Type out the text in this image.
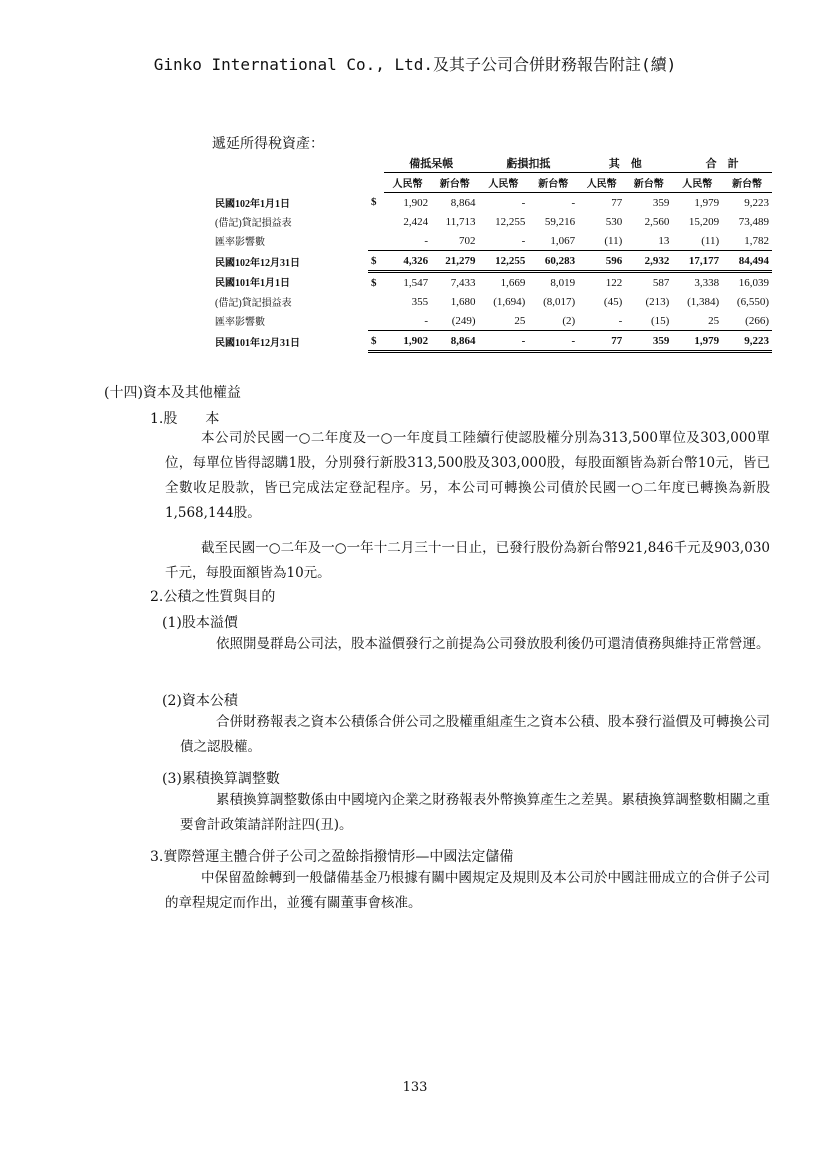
Ginko International Co., Ltd.及其子公司合併財務報告附註(續)
遞延所得稅資產：
		備抵呆帳		虧損扣抵		其　他		合　計	
		人民幣	新台幣	人民幣	新台幣	人民幣	新台幣	人民幣	新台幣
民國102年1月1日	$	1,902	8,864	-	-	77	359	1,979	9,223
(借記)貸記損益表		2,424	11,713	12,255	59,216	530	2,560	15,209	73,489
匯率影響數		-	702	-	1,067	(11)	13	(11)	1,782
民國102年12月31日	$	4,326	21,279	12,255	60,283	596	2,932	17,177	84,494
民國101年1月1日	$	1,547	7,433	1,669	8,019	122	587	3,338	16,039
(借記)貸記損益表		355	1,680	(1,694)	(8,017)	(45)	(213)	(1,384)	(6,550)
匯率影響數		-	(249)	25	(2)	-	(15)	25	(266)
民國101年12月31日	$	1,902	8,864	-	-	77	359	1,979	9,223
(十四)資本及其他權益
1.股　　本
本公司於民國一○二年度及一○一年度員工陸續行使認股權分別為313,500單位及303,000單位，每單位皆得認購1股，分別發行新股313,500股及303,000股，每股面額皆為新台幣10元，皆已全數收足股款，皆已完成法定登記程序。另，本公司可轉換公司債於民國一○二年度已轉換為新股1,568,144股。
截至民國一○二年及一○一年十二月三十一日止，已發行股份為新台幣921,846千元及903,030千元，每股面額皆為10元。
2.公積之性質與目的
(1)股本溢價
依照開曼群島公司法，股本溢價發行之前提為公司發放股利後仍可還清債務與維持正常營運。
(2)資本公積
合併財務報表之資本公積係合併公司之股權重組產生之資本公積、股本發行溢價及可轉換公司債之認股權。
(3)累積換算調整數
累積換算調整數係由中國境內企業之財務報表外幣換算產生之差異。累積換算調整數相關之重要會計政策請詳附註四(丑)。
3.實際營運主體合併子公司之盈餘指撥情形—中國法定儲備
中保留盈餘轉到一般儲備基金乃根據有關中國規定及規則及本公司於中國註冊成立的合併子公司的章程規定而作出，並獲有關董事會核准。
133
